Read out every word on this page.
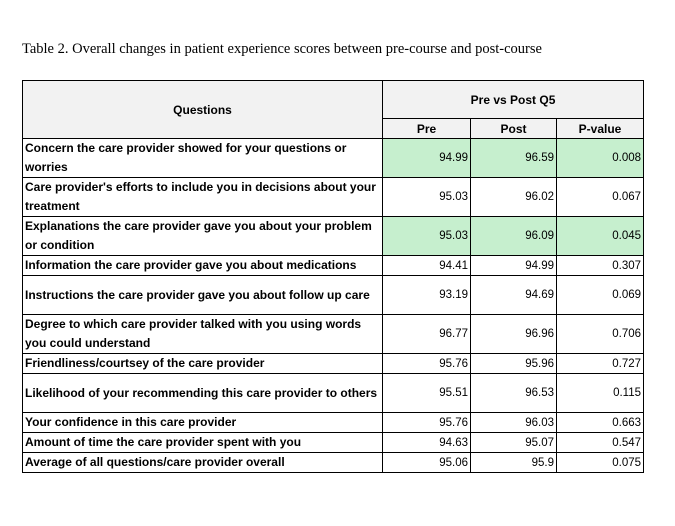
Table 2. Overall changes in patient experience scores between pre-course and post-course
Questions	Pre vs Post Q5		
	Pre	Post	P-value
Concern the care provider showed for your questions or worries	94.99	96.59	0.008
Care provider's efforts to include you in decisions about your treatment	95.03	96.02	0.067
Explanations the care provider gave you about your problem or condition	95.03	96.09	0.045
Information the care provider gave you about medications	94.41	94.99	0.307
Instructions the care provider gave you about follow up care	93.19	94.69	0.069
Degree to which care provider talked with you using words you could understand	96.77	96.96	0.706
Friendliness/courtsey of the care provider	95.76	95.96	0.727
Likelihood of your recommending this care provider to others	95.51	96.53	0.115
Your confidence in this care provider	95.76	96.03	0.663
Amount of time the care provider spent with you	94.63	95.07	0.547
Average of all questions/care provider overall	95.06	95.9	0.075
